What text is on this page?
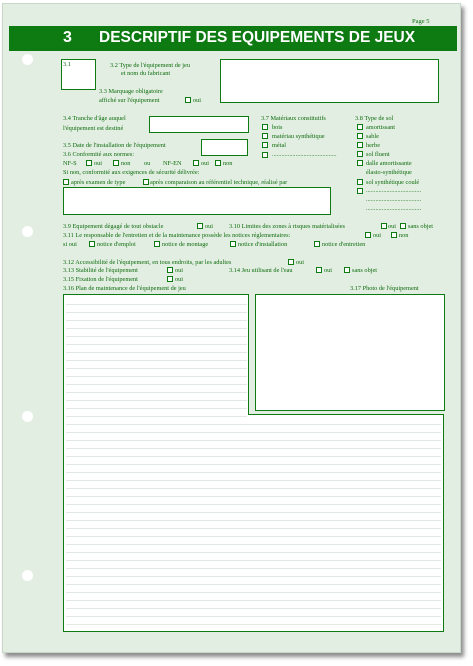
Page 5
3 DESCRIPTIF DES EQUIPEMENTS DE JEUX
3.1	3.2 Type de l'équipement de jeu
et nom du fabricant
3.3 Marquage obligatoire
affiché sur l'équipement	oui
3.4 Tranche d'âge auquel
l'équipement est destiné
3.5 Date de l'installation de l'équipement
3.6 Conformité aux normes:
NF-S	oui	non ou NF-EN	oui non
Si non, conformité aux exigences de sécurité délivrée:
après examen de type	après comparaison au référentiel technique, réalisé par
3.7 Matériaux constitutifs
bois
matériau synthétique
métal
.........................................
3.8 Type de sol
amortissant
sable
herbe
sol fluent
dalle amortissante
élasto-synthétique
sol synthétique coulé
...................................
...................................
...................................
3.9 Equipement dégagé de tout obstacle	oui	3.10 Limites des zones à risques matérialisées	oui sans objet
3.11 Le responsable de l'entretien et de la maintenance possède les notices réglementaires:	oui	non
si oui	notice d'emploi	notice de montage	notice d'installation	notice d'entretien
3.12 Accessibilité de l'équipement, en tous endroits, par les adultes	oui
3.13 Stabilité de l'équipement	oui	3.14 Jeu utilisant de l'eau	oui	sans objet
3.15 Fixation de l'équipement	oui
3.16 Plan de maintenance de l'équipement de jeu	3.17 Photo de l'équipement
